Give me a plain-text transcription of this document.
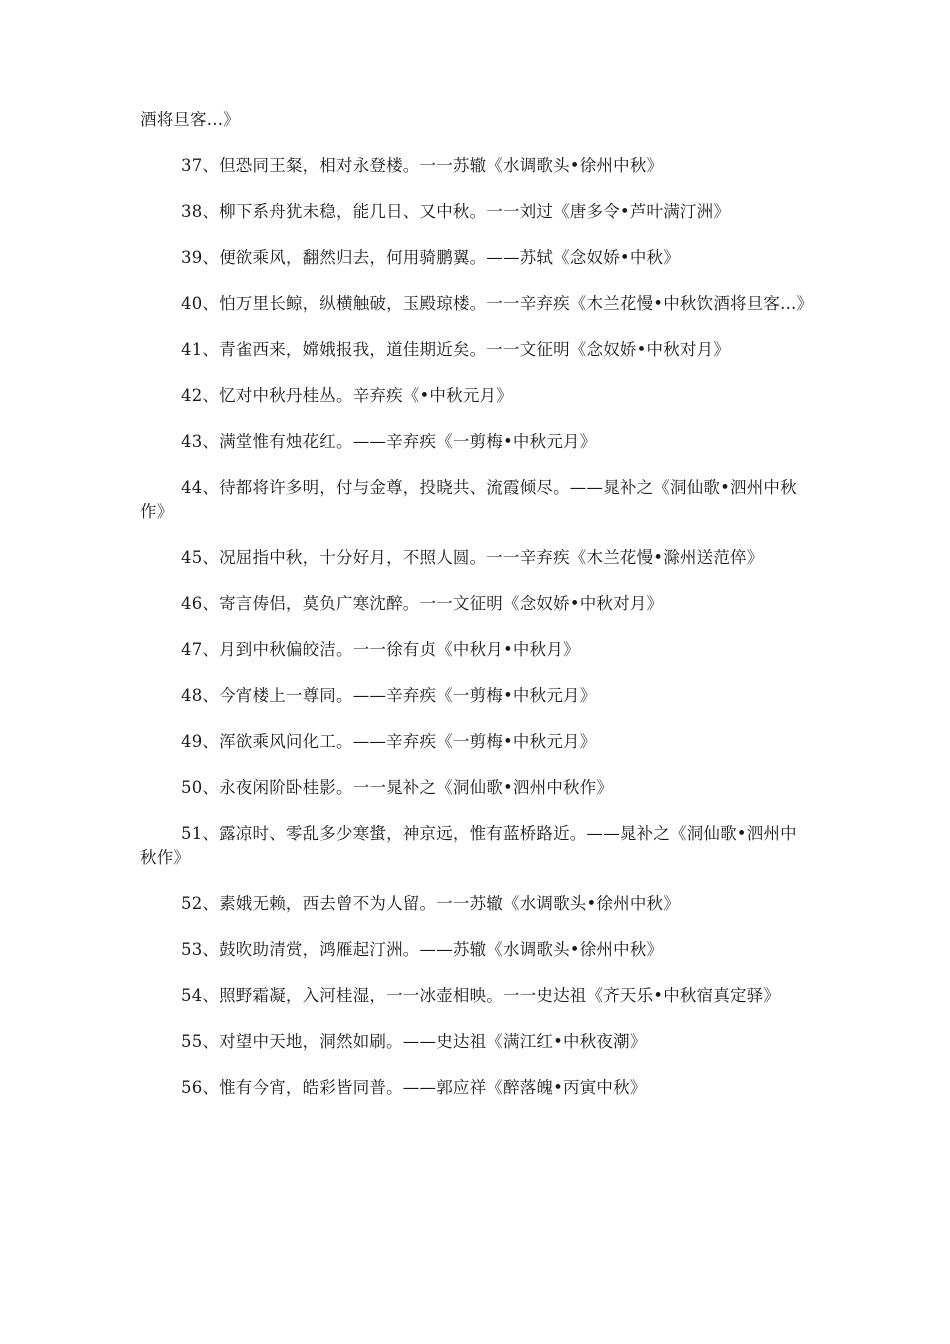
酒将旦客...》

37、但恐同王粲，相对永登楼。一一苏辙《水调歌头•徐州中秋》

38、柳下系舟犹未稳，能几日、又中秋。一一刘过《唐多令•芦叶满汀洲》

39、便欲乘风，翻然归去，何用骑鹏翼。——苏轼《念奴娇•中秋》

40、怕万里长鲸，纵横触破，玉殿琼楼。一一辛弃疾《木兰花慢•中秋饮酒将旦客...》

41、青雀西来，嫦娥报我，道佳期近矣。一一文征明《念奴娇•中秋对月》

42、忆对中秋丹桂丛。辛弃疾《•中秋元月》

43、满堂惟有烛花红。——辛弃疾《一剪梅•中秋元月》

44、待都将许多明，付与金尊，投晓共、流霞倾尽。——晁补之《洞仙歌•泗州中秋作》

45、况屈指中秋，十分好月，不照人圆。一一辛弃疾《木兰花慢•滁州送范倅》

46、寄言俦侣，莫负广寒沈醉。一一文征明《念奴娇•中秋对月》

47、月到中秋偏皎洁。一一徐有贞《中秋月•中秋月》

48、今宵楼上一尊同。——辛弃疾《一剪梅•中秋元月》

49、浑欲乘风问化工。——辛弃疾《一剪梅•中秋元月》

50、永夜闲阶卧桂影。一一晁补之《洞仙歌•泗州中秋作》

51、露凉时、零乱多少寒螀，神京远，惟有蓝桥路近。——晁补之《洞仙歌•泗州中秋作》

52、素娥无赖，西去曾不为人留。一一苏辙《水调歌头•徐州中秋》

53、鼓吹助清赏，鸿雁起汀洲。——苏辙《水调歌头•徐州中秋》

54、照野霜凝，入河桂湿，一一冰壶相映。一一史达祖《齐天乐•中秋宿真定驿》

55、对望中天地，洞然如刷。——史达祖《满江红•中秋夜潮》

56、惟有今宵，皓彩皆同普。——郭应祥《醉落魄•丙寅中秋》
